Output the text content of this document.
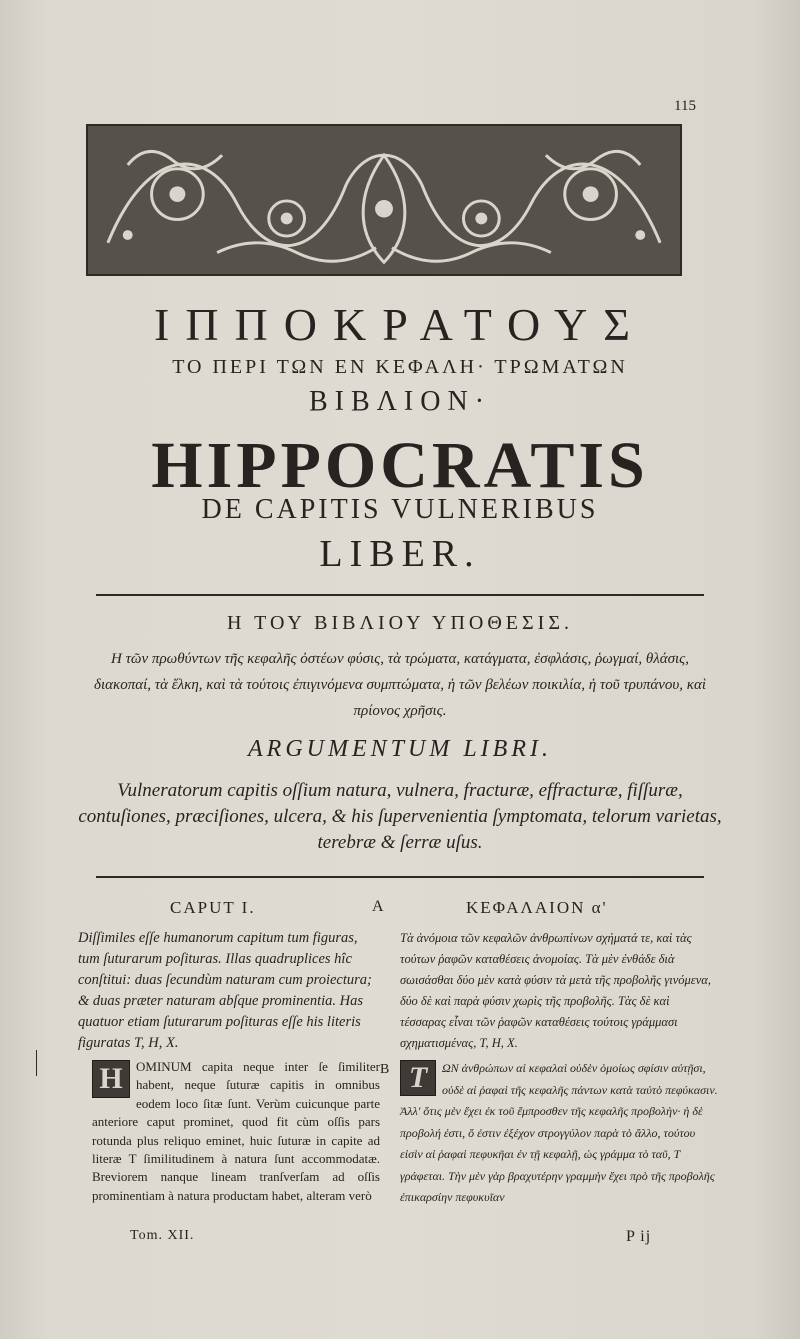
115
ΙΠΠΟΚΡΑΤΟΥΣ
ΤΟ ΠΕΡΙ ΤΩΝ ΕΝ ΚΕΦΑΛΗ· ΤΡΩΜΑΤΩΝ
ΒΙΒΛΙΟΝ·
HIPPOCRATIS
DE CAPITIS VULNERIBUS
LIBER.
Η ΤΟΥ ΒΙΒΛΙΟΥ ΥΠΟΘΕΣΙΣ.
Η τῶν πρωθύντων τῆς κεφαλῆς ὀστέων φύσις, τὰ τρώματα, κατάγματα, ἐσφλάσις, ῥωγμαί, θλάσις, διακοπαί, τὰ ἕλκη, καὶ τὰ τούτοις ἐπιγινόμενα συμπτώματα, ἡ τῶν βελέων ποικιλία, ἡ τοῦ τρυπάνου, καὶ πρίονος χρῆσις.
ARGUMENTUM LIBRI.
Vulneratorum capitis oſſium natura, vulnera, fracturæ, effracturæ, fiſſuræ, contuſiones, præciſiones, ulcera, & his ſupervenientia ſymptomata, telorum varietas, terebræ & ſerræ uſus.
CAPUT I.	A	ΚΕΦΑΛΑΙΟΝ α'
Diſſimiles eſſe humanorum capitum tum figuras, tum ſuturarum poſituras. Illas quadruplices hîc conſtitui: duas ſecundùm naturam cum proiectura; & duas præter naturam abſque prominentia. Has quatuor etiam ſuturarum poſituras eſſe his literis figuratas T, H, X.
Τὰ ἀνόμοια τῶν κεφαλῶν ἀνθρωπίνων σχήματά τε, καὶ τὰς τούτων ῥαφῶν καταθέσεις ἀνομοίας. Τὰ μὲν ἐνθάδε διὰ σωισάσθαι δύο μὲν κατὰ φύσιν τὰ μετὰ τῆς προβολῆς γινόμενα, δύο δὲ καὶ παρὰ φύσιν χωρὶς τῆς προβολῆς. Τὰς δὲ καὶ τέσσαρας εἶναι τῶν ῥαφῶν καταθέσεις τούτοις γράμμασι σχηματισμένας, T, H, X.
H	OMINUM capita neque inter ſe ſimiliter habent, neque ſuturæ capitis in omnibus eodem loco ſitæ ſunt. Verùm cuicunque parte anteriore caput prominet, quod fit cùm oſſis pars rotunda plus reliquo eminet, huic ſuturæ in capite ad literæ T ſimilitudinem à natura ſunt accommodatæ. Breviorem nanque lineam tranſverſam ad oſſis prominentiam à natura productam habet, alteram verò
B Τ	ΩΝ ἀνθρώπων αἱ κεφαλαὶ οὐδὲν ὁμοίως σφίσιν αὐτῇσι, οὐδὲ αἱ ῥαφαὶ τῆς κεφαλῆς πάντων κατὰ ταὐτὸ πεφύκασιν. Ἀλλ' ὅτις μὲν ἔχει ἐκ τοῦ ἔμπροσθεν τῆς κεφαλῆς προβολὴν· ἡ δὲ προβολή ἐστι, ὅ ἐστιν ἐξέχον στρογγύλον παρὰ τὸ ἄλλο, τούτου εἰσὶν αἱ ῥαφαὶ πεφυκῆαι ἐν τῇ κεφαλῇ, ὡς γράμμα τὸ ταῦ, T γράφεται. Τὴν μὲν γὰρ βραχυτέρην γραμμὴν ἔχει πρὸ τῆς προβολῆς ἐπικαρσίην πεφυκυῖαν
Tom. XII.	P ij
